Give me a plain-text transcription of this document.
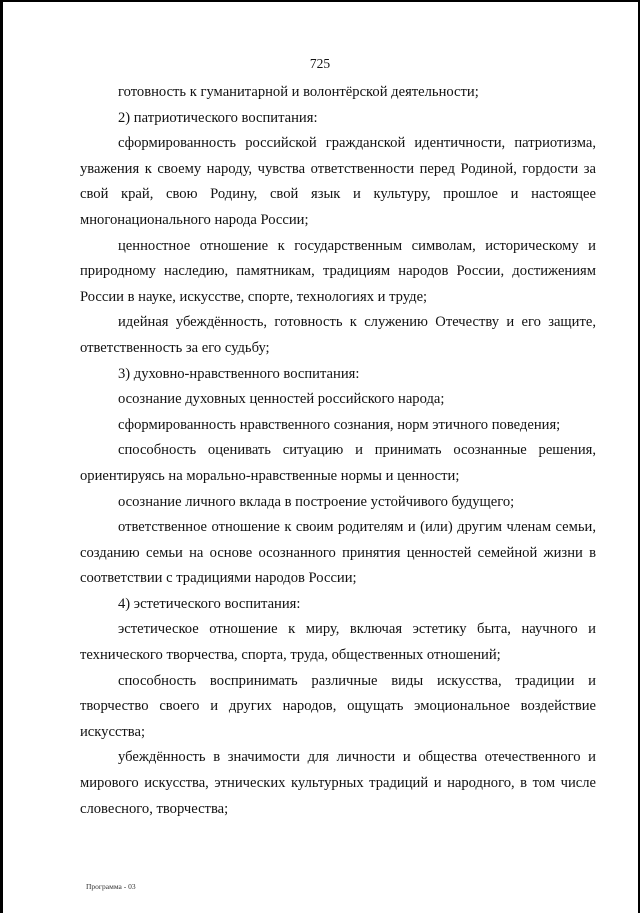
725

готовность к гуманитарной и волонтёрской деятельности;

2) патриотического воспитания:

сформированность российской гражданской идентичности, патриотизма, уважения к своему народу, чувства ответственности перед Родиной, гордости за свой край, свою Родину, свой язык и культуру, прошлое и настоящее многонационального народа России;

ценностное отношение к государственным символам, историческому и природному наследию, памятникам, традициям народов России, достижениям России в науке, искусстве, спорте, технологиях и труде;

идейная убеждённость, готовность к служению Отечеству и его защите, ответственность за его судьбу;

3) духовно-нравственного воспитания:

осознание духовных ценностей российского народа;

сформированность нравственного сознания, норм этичного поведения;

способность оценивать ситуацию и принимать осознанные решения, ориентируясь на морально-нравственные нормы и ценности;

осознание личного вклада в построение устойчивого будущего;

ответственное отношение к своим родителям и (или) другим членам семьи, созданию семьи на основе осознанного принятия ценностей семейной жизни в соответствии с традициями народов России;

4) эстетического воспитания:

эстетическое отношение к миру, включая эстетику быта, научного и технического творчества, спорта, труда, общественных отношений;

способность воспринимать различные виды искусства, традиции и творчество своего и других народов, ощущать эмоциональное воздействие искусства;

убеждённость в значимости для личности и общества отечественного и мирового искусства, этнических культурных традиций и народного, в том числе словесного, творчества;

Программа - 03
